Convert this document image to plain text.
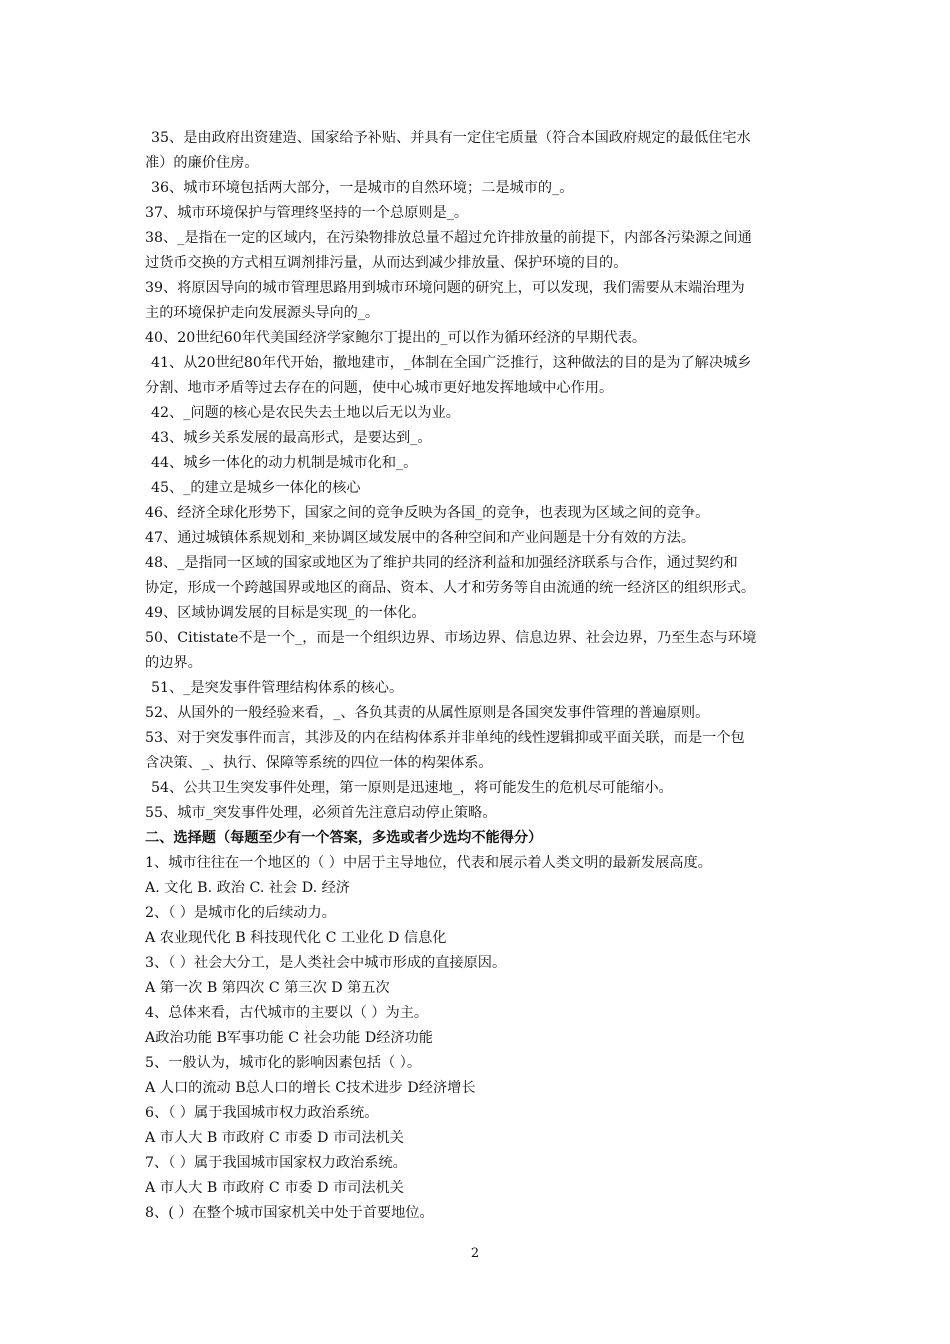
35、是由政府出资建造、国家给予补贴、并具有一定住宅质量（符合本国政府规定的最低住宅水
准）的廉价住房。
36、城市环境包括两大部分，一是城市的自然环境；二是城市的_。
37、城市环境保护与管理终坚持的一个总原则是_。
38、_是指在一定的区域内，在污染物排放总量不超过允许排放量的前提下，内部各污染源之间通
过货币交换的方式相互调剂排污量，从而达到减少排放量、保护环境的目的。
39、将原因导向的城市管理思路用到城市环境问题的研究上，可以发现，我们需要从末端治理为
主的环境保护走向发展源头导向的_。
40、20世纪60年代美国经济学家鲍尔丁提出的_可以作为循环经济的早期代表。
41、从20世纪80年代开始，撤地建市，_体制在全国广泛推行，这种做法的目的是为了解决城乡
分割、地市矛盾等过去存在的问题，使中心城市更好地发挥地域中心作用。
42、_问题的核心是农民失去土地以后无以为业。
43、城乡关系发展的最高形式，是要达到_。
44、城乡一体化的动力机制是城市化和_。
45、_的建立是城乡一体化的核心
46、经济全球化形势下，国家之间的竞争反映为各国_的竞争，也表现为区域之间的竞争。
47、通过城镇体系规划和_来协调区域发展中的各种空间和产业问题是十分有效的方法。
48、_是指同一区域的国家或地区为了维护共同的经济利益和加强经济联系与合作，通过契约和
协定，形成一个跨越国界或地区的商品、资本、人才和劳务等自由流通的统一经济区的组织形式。
49、区域协调发展的目标是实现_的一体化。
50、Citistate不是一个_，而是一个组织边界、市场边界、信息边界、社会边界，乃至生态与环境
的边界。
51、_是突发事件管理结构体系的核心。
52、从国外的一般经验来看，_、各负其责的从属性原则是各国突发事件管理的普遍原则。
53、对于突发事件而言，其涉及的内在结构体系并非单纯的线性逻辑抑或平面关联，而是一个包
含决策、_、执行、保障等系统的四位一体的构架体系。
54、公共卫生突发事件处理，第一原则是迅速地_，将可能发生的危机尽可能缩小。
55、城市_突发事件处理，必须首先注意启动停止策略。
二、选择题（每题至少有一个答案，多选或者少选均不能得分）
1、城市往往在一个地区的（ ）中居于主导地位，代表和展示着人类文明的最新发展高度。
A. 文化 B. 政治 C. 社会 D. 经济
2、（ ）是城市化的后续动力。
A 农业现代化 B 科技现代化 C 工业化 D 信息化
3、（ ）社会大分工，是人类社会中城市形成的直接原因。
A 第一次 B 第四次 C 第三次 D 第五次
4、总体来看，古代城市的主要以（ ）为主。
A政治功能 B军事功能 C 社会功能 D经济功能
5、一般认为，城市化的影响因素包括（ ）。
A 人口的流动 B总人口的增长 C技术进步 D经济增长
6、（ ）属于我国城市权力政治系统。
A 市人大 B 市政府 C 市委 D 市司法机关
7、（ ）属于我国城市国家权力政治系统。
A 市人大 B 市政府 C 市委 D 市司法机关
8、( ）在整个城市国家机关中处于首要地位。
2
